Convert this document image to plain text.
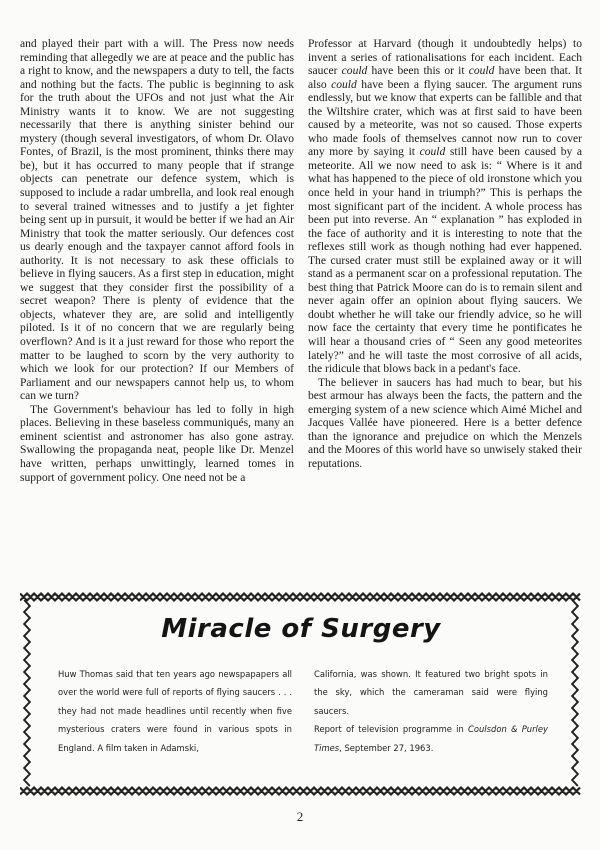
and played their part with a will. The Press now needs reminding that allegedly we are at peace and the public has a right to know, and the newspapers a duty to tell, the facts and nothing but the facts. The public is beginning to ask for the truth about the UFOs and not just what the Air Ministry wants it to know. We are not suggesting necessarily that there is anything sinister behind our mystery (though several investigators, of whom Dr. Olavo Fontes, of Brazil, is the most prominent, thinks there may be), but it has occurred to many people that if strange objects can penetrate our defence system, which is supposed to include a radar umbrella, and look real enough to several trained witnesses and to justify a jet fighter being sent up in pursuit, it would be better if we had an Air Ministry that took the matter seriously. Our defences cost us dearly enough and the taxpayer cannot afford fools in authority. It is not necessary to ask these officials to believe in flying saucers. As a first step in education, might we suggest that they consider first the possibility of a secret weapon? There is plenty of evidence that the objects, whatever they are, are solid and intelligently piloted. Is it of no concern that we are regularly being overflown? And is it a just reward for those who report the matter to be laughed to scorn by the very authority to which we look for our protection? If our Members of Parliament and our newspapers cannot help us, to whom can we turn?

The Government's behaviour has led to folly in high places. Believing in these baseless communiqués, many an eminent scientist and astronomer has also gone astray. Swallowing the propaganda neat, people like Dr. Menzel have written, perhaps unwittingly, learned tomes in support of government policy. One need not be a

Professor at Harvard (though it undoubtedly helps) to invent a series of rationalisations for each incident. Each saucer could have been this or it could have been that. It also could have been a flying saucer. The argument runs endlessly, but we know that experts can be fallible and that the Wiltshire crater, which was at first said to have been caused by a meteorite, was not so caused. Those experts who made fools of themselves cannot now run to cover any more by saying it could still have been caused by a meteorite. All we now need to ask is: “ Where is it and what has happened to the piece of old ironstone which you once held in your hand in triumph?” This is perhaps the most significant part of the incident. A whole process has been put into reverse. An “ explanation ” has exploded in the face of authority and it is interesting to note that the reflexes still work as though nothing had ever happened. The cursed crater must still be explained away or it will stand as a permanent scar on a professional reputation. The best thing that Patrick Moore can do is to remain silent and never again offer an opinion about flying saucers. We doubt whether he will take our friendly advice, so he will now face the certainty that every time he pontificates he will hear a thousand cries of “ Seen any good meteorites lately?” and he will taste the most corrosive of all acids, the ridicule that blows back in a pedant's face.

The believer in saucers has had much to bear, but his best armour has always been the facts, the pattern and the emerging system of a new science which Aimé Michel and Jacques Vallée have pioneered. Here is a better defence than the ignorance and prejudice on which the Menzels and the Moores of this world have so unwisely staked their reputations.

Miracle of Surgery

Huw Thomas said that ten years ago newspapapers all over the world were full of reports of flying saucers . . . they had not made headlines until recently when five mysterious craters were found in various spots in England. A film taken in Adamski,

California, was shown. It featured two bright spots in the sky, which the cameraman said were flying saucers.

Report of television programme in Coulsdon & Purley Times, September 27, 1963.

2
